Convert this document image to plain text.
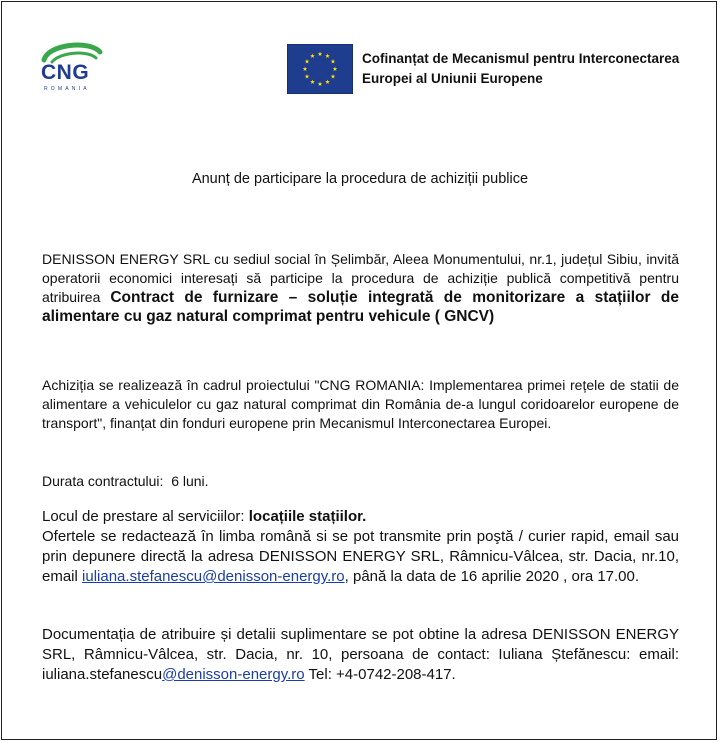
CNG
ROMANIA
Cofinanțat de Mecanismul pentru Interconectarea
Europei al Uniunii Europene
Anunț de participare la procedura de achiziții publice

DENISSON ENERGY SRL cu sediul social în Șelimbăr, Aleea Monumentului, nr.1, județul Sibiu, invită operatorii economici interesați să participe la procedura de achiziție publică competitivă pentru atribuirea Contract de furnizare – soluție integrată de monitorizare a stațiilor de alimentare cu gaz natural comprimat pentru vehicule ( GNCV)

Achiziția se realizează în cadrul proiectului "CNG ROMANIA: Implementarea primei rețele de statii de alimentare a vehiculelor cu gaz natural comprimat din România de-a lungul coridoarelor europene de transport", finanțat din fonduri europene prin Mecanismul Interconectarea Europei.

Durata contractului: 6 luni.

Locul de prestare al serviciilor: locațiile stațiilor.

Ofertele se redactează în limba română si se pot transmite prin poştă / curier rapid, email sau prin depunere directă la adresa DENISSON ENERGY SRL, Râmnicu-Vâlcea, str. Dacia, nr.10, email iuliana.stefanescu@denisson-energy.ro, până la data de 16 aprilie 2020 , ora 17.00.

Documentația de atribuire și detalii suplimentare se pot obtine la adresa DENISSON ENERGY SRL, Râmnicu-Vâlcea, str. Dacia, nr. 10, persoana de contact: Iuliana Ștefănescu: email: iuliana.stefanescu@denisson-energy.ro Tel: +4-0742-208-417.
